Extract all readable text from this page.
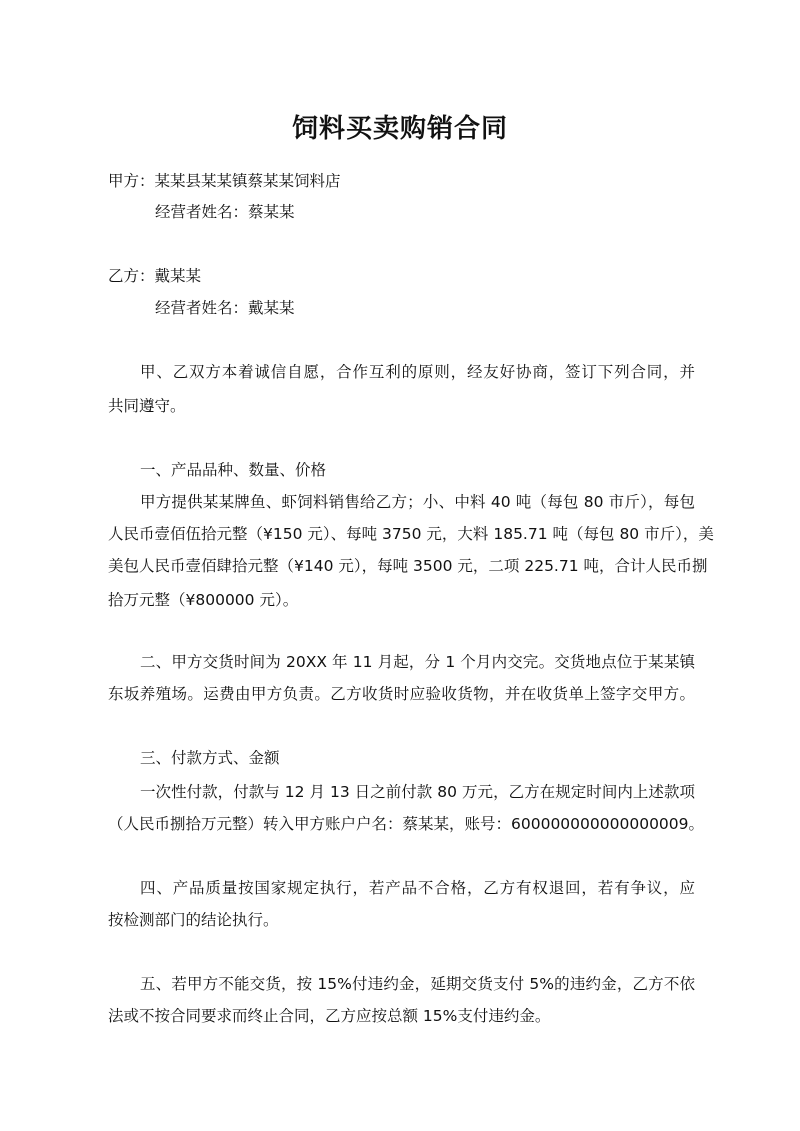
饲料买卖购销合同
甲方：某某县某某镇蔡某某饲料店
经营者姓名：蔡某某
乙方：戴某某
经营者姓名：戴某某
甲、乙双方本着诚信自愿，合作互利的原则，经友好协商，签订下列合同，并
共同遵守。
一、产品品种、数量、价格
甲方提供某某牌鱼、虾饲料销售给乙方；小、中料 40 吨（每包 80 市斤），每包
人民币壹佰伍拾元整（¥150 元）、每吨 3750 元，大料 185.71 吨（每包 80 市斤），美
美包人民币壹佰肆拾元整（¥140 元），每吨 3500 元，二项 225.71 吨，合计人民币捌
拾万元整（¥800000 元）。
二、甲方交货时间为 20XX 年 11 月起，分 1 个月内交完。交货地点位于某某镇
东坂养殖场。运费由甲方负责。乙方收货时应验收货物，并在收货单上签字交甲方。
三、付款方式、金额
一次性付款，付款与 12 月 13 日之前付款 80 万元，乙方在规定时间内上述款项
（人民币捌拾万元整）转入甲方账户户名：蔡某某，账号：600000000000000009。
四、产品质量按国家规定执行，若产品不合格，乙方有权退回，若有争议，应
按检测部门的结论执行。
五、若甲方不能交货，按 15%付违约金，延期交货支付 5%的违约金，乙方不依
法或不按合同要求而终止合同，乙方应按总额 15%支付违约金。
